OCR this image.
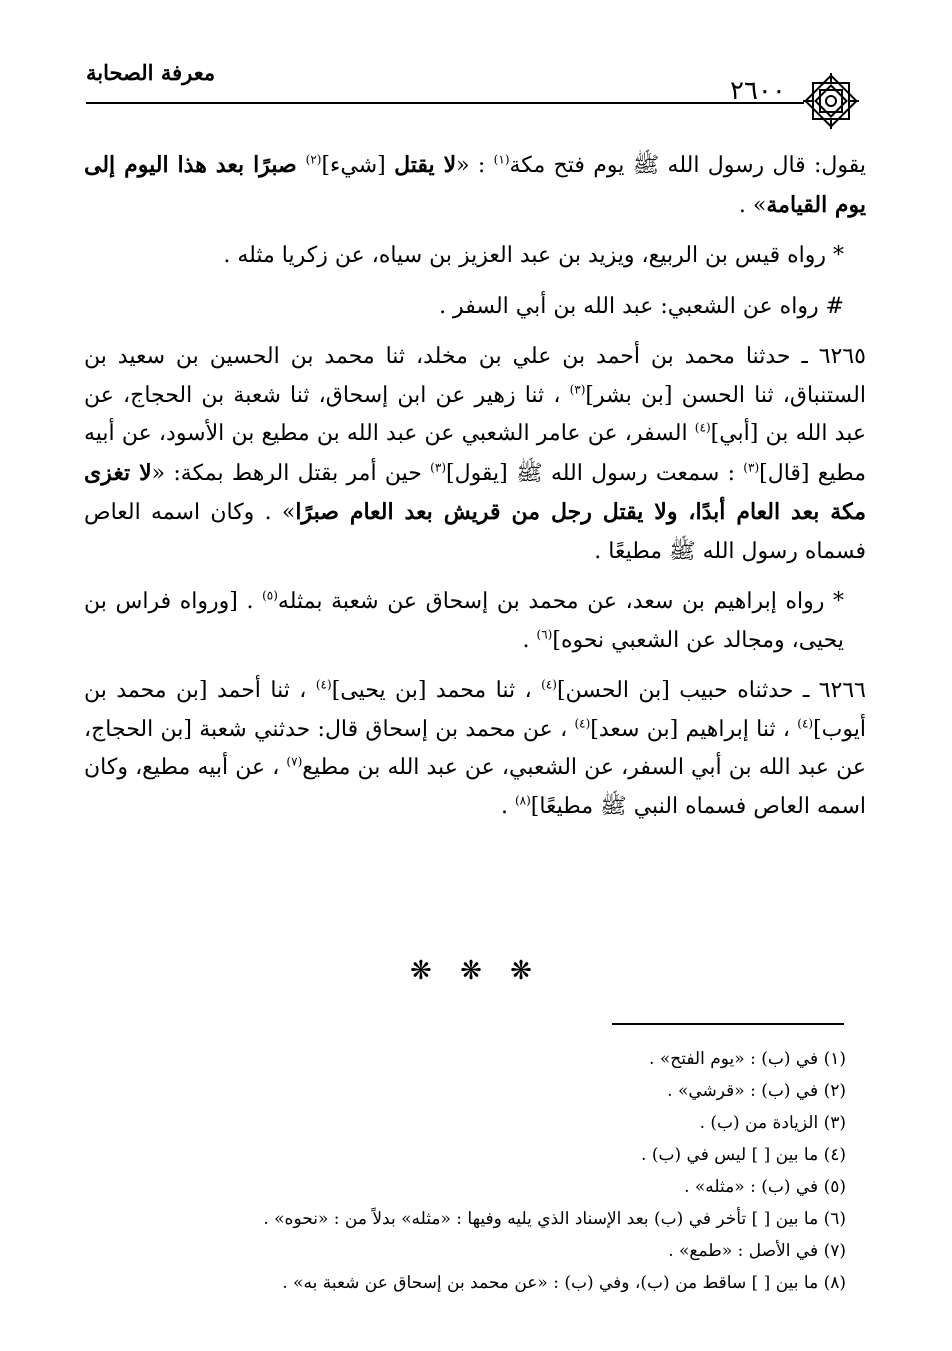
معرفة الصحابة
٢٦٠٠

يقول: قال رسول الله ﷺ يوم فتح مكة$^{(١)}$ : «لا يقتل [شيء]$^{(٢)}$ صبرًا بعد هذا اليوم إلى يوم القيامة» .

* رواه قيس بن الربيع، ويزيد بن عبد العزيز بن سياه، عن زكريا مثله .

# رواه عن الشعبي: عبد الله بن أبي السفر .

٦٢٦٥ ـ حدثنا محمد بن أحمد بن علي بن مخلد، ثنا محمد بن الحسين بن سعيد بن الستنباق، ثنا الحسن [بن بشر]$^{(٣)}$ ، ثنا زهير عن ابن إسحاق، ثنا شعبة بن الحجاج، عن عبد الله بن [أبي]$^{(٤)}$ السفر، عن عامر الشعبي عن عبد الله بن مطيع بن الأسود، عن أبيه مطيع [قال]$^{(٣)}$ : سمعت رسول الله ﷺ [يقول]$^{(٣)}$ حين أمر بقتل الرهط بمكة: «لا تغزى مكة بعد العام أبدًا، ولا يقتل رجل من قريش بعد العام صبرًا» . وكان اسمه العاص فسماه رسول الله ﷺ مطيعًا .

* رواه إبراهيم بن سعد، عن محمد بن إسحاق عن شعبة بمثله$^{(٥)}$ . [ورواه فراس بن يحيى، ومجالد عن الشعبي نحوه]$^{(٦)}$ .

٦٢٦٦ ـ حدثناه حبيب [بن الحسن]$^{(٤)}$ ، ثنا محمد [بن يحيى]$^{(٤)}$ ، ثنا أحمد [بن محمد بن أيوب]$^{(٤)}$ ، ثنا إبراهيم [بن سعد]$^{(٤)}$ ، عن محمد بن إسحاق قال: حدثني شعبة [بن الحجاج، عن عبد الله بن أبي السفر، عن الشعبي، عن عبد الله بن مطيع$^{(٧)}$ ، عن أبيه مطيع، وكان اسمه العاص فسماه النبي ﷺ مطيعًا]$^{(٨)}$ .

❋ ❋ ❋
(١) في (ب) : «يوم الفتح» .
(٢) في (ب) : «قرشي» .
(٣) الزيادة من (ب) .
(٤) ما بين [ ] ليس في (ب) .
(٥) في (ب) : «مثله» .
(٦) ما بين [ ] تأخر في (ب) بعد الإسناد الذي يليه وفيها : «مثله» بدلاً من : «نحوه» .
(٧) في الأصل : «طمع» .
(٨) ما بين [ ] ساقط من (ب)، وفي (ب) : «عن محمد بن إسحاق عن شعبة به» .
